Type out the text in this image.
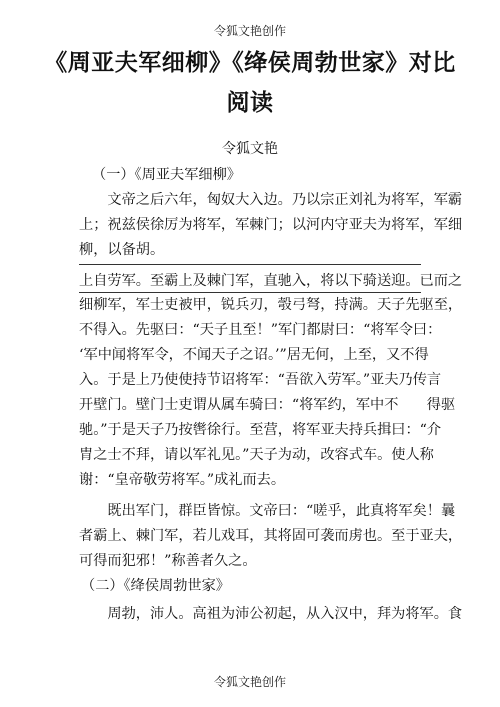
令狐文艳创作
《周亚夫军细柳》《绛侯周勃世家》对比
阅读
令狐文艳
（一）《周亚夫军细柳》
　　文帝之后六年，匈奴大入边。乃以宗正刘礼为将军，军霸
上；祝兹侯徐厉为将军，军棘门；以河内守亚夫为将军，军细
柳，以备胡。
上自劳军。至霸上及棘门军，直驰入，将以下骑送迎。已而之
细柳军，军士吏被甲，锐兵刃，彀弓弩，持满。天子先驱至，
不得入。先驱曰：“天子且至！”军门都尉曰：“将军令曰：
‘军中闻将军令，不闻天子之诏。’”居无何，上至，又不得
入。于是上乃使使持节诏将军：“吾欲入劳军。”亚夫乃传言
开壁门。壁门士吏谓从属车骑曰：“将军约，军中不　　得驱
驰。”于是天子乃按辔徐行。至营，将军亚夫持兵揖曰：“介
胄之士不拜，请以军礼见。”天子为动，改容式车。使人称
谢：“皇帝敬劳将军。”成礼而去。
　　既出军门，群臣皆惊。文帝曰：“嗟乎，此真将军矣！曩
者霸上、棘门军，若儿戏耳，其将固可袭而虏也。至于亚夫，
可得而犯邪！”称善者久之。
（二）《绛侯周勃世家》
　　周勃，沛人。高祖为沛公初起，从入汉中，拜为将军。食
令狐文艳创作
